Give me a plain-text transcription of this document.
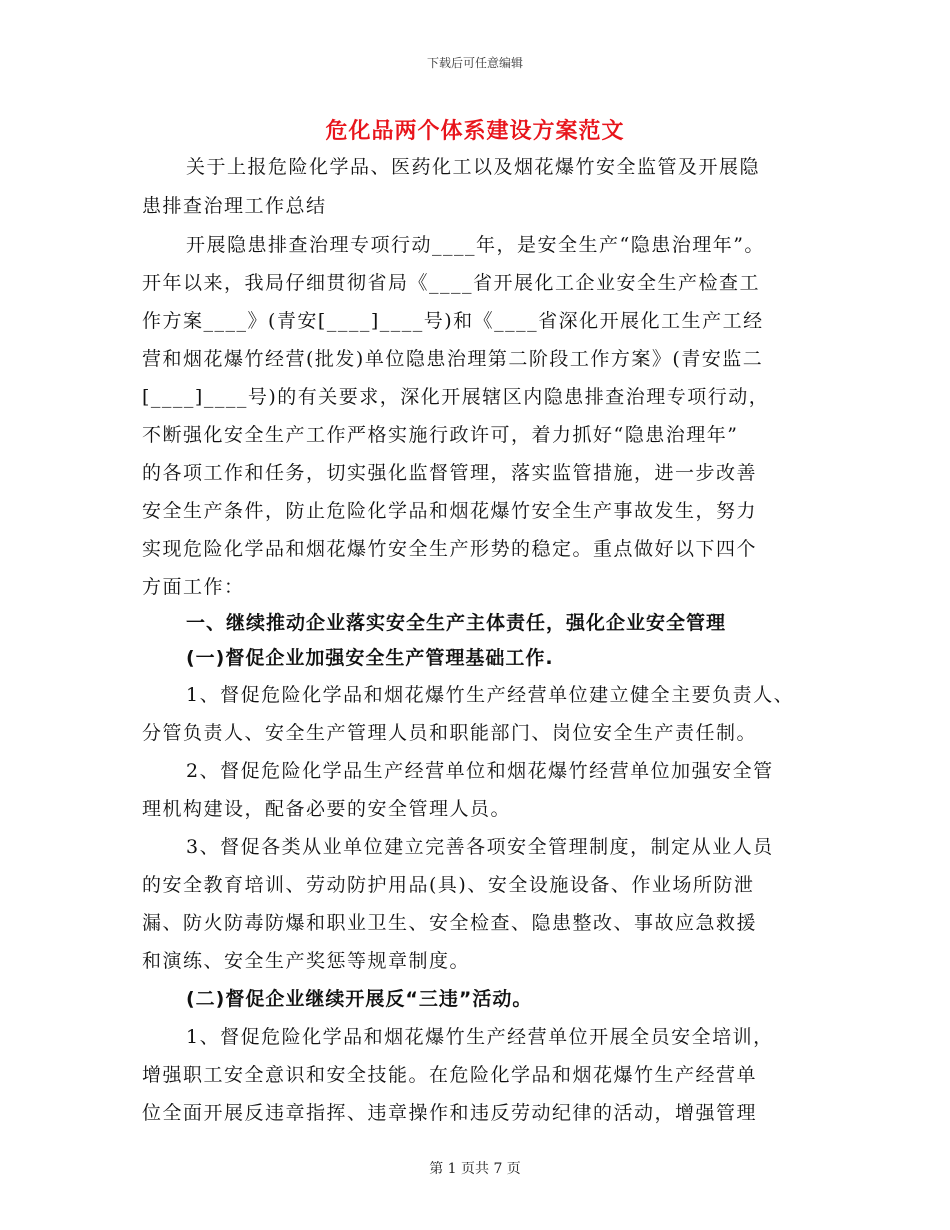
下载后可任意编辑
危化品两个体系建设方案范文
关于上报危险化学品、医药化工以及烟花爆竹安全监管及开展隐
患排查治理工作总结
开展隐患排查治理专项行动____年，是安全生产“隐患治理年”。
开年以来，我局仔细贯彻省局《____省开展化工企业安全生产检查工
作方案____》(青安[____]____号)和《____省深化开展化工生产工经
营和烟花爆竹经营(批发)单位隐患治理第二阶段工作方案》(青安监二
[____]____号)的有关要求，深化开展辖区内隐患排查治理专项行动，
不断强化安全生产工作严格实施行政许可，着力抓好“隐患治理年”
的各项工作和任务，切实强化监督管理，落实监管措施，进一步改善
安全生产条件，防止危险化学品和烟花爆竹安全生产事故发生，努力
实现危险化学品和烟花爆竹安全生产形势的稳定。重点做好以下四个
方面工作：
一、继续推动企业落实安全生产主体责任，强化企业安全管理
(一)督促企业加强安全生产管理基础工作.
1、督促危险化学品和烟花爆竹生产经营单位建立健全主要负责人、
分管负责人、安全生产管理人员和职能部门、岗位安全生产责任制。
2、督促危险化学品生产经营单位和烟花爆竹经营单位加强安全管
理机构建设，配备必要的安全管理人员。
3、督促各类从业单位建立完善各项安全管理制度，制定从业人员
的安全教育培训、劳动防护用品(具)、安全设施设备、作业场所防泄
漏、防火防毒防爆和职业卫生、安全检查、隐患整改、事故应急救援
和演练、安全生产奖惩等规章制度。
(二)督促企业继续开展反“三违”活动。
1、督促危险化学品和烟花爆竹生产经营单位开展全员安全培训，
增强职工安全意识和安全技能。在危险化学品和烟花爆竹生产经营单
位全面开展反违章指挥、违章操作和违反劳动纪律的活动，增强管理
第 1 页共 7 页
